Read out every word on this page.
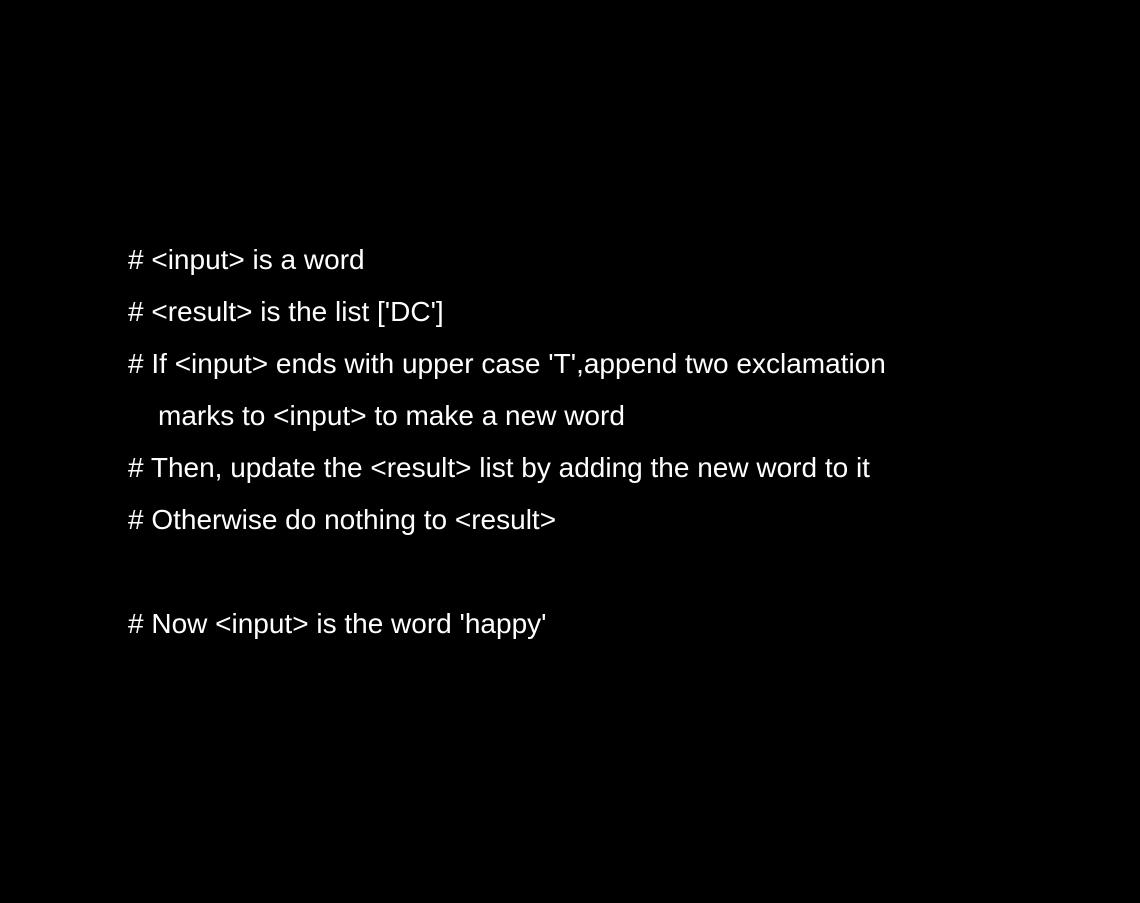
# <input> is a word
# <result> is the list ['DC']
# If <input> ends with upper case 'T',append two exclamation
marks to <input> to make a new word
# Then, update the <result> list by adding the new word to it
# Otherwise do nothing to <result>
# Now <input> is the word 'happy'
